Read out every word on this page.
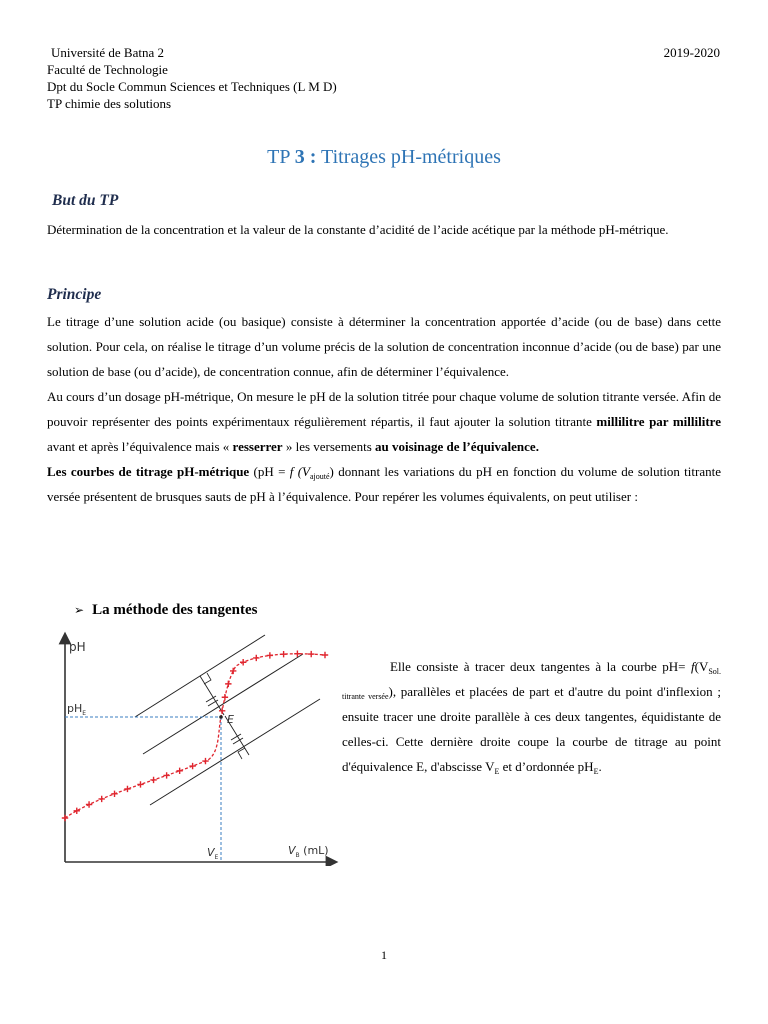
Université de Batna 2
Faculté de Technologie
Dpt du Socle Commun Sciences et Techniques (L M D)
TP chimie des solutions
2019-2020
TP 3 : Titrages pH-métriques
But du TP

Détermination de la concentration et la valeur de la constante d’acidité de l’acide acétique par la méthode pH-métrique.

Principe

Le titrage d’une solution acide (ou basique) consiste à déterminer la concentration apportée d’acide (ou de base) dans cette solution. Pour cela, on réalise le titrage d’un volume précis de la solution de concentration inconnue d’acide (ou de base) par une solution de base (ou d’acide), de concentration connue, afin de déterminer l’équivalence.

Au cours d’un dosage pH-métrique, On mesure le pH de la solution titrée pour chaque volume de solution titrante versée. Afin de pouvoir représenter des points expérimentaux régulièrement répartis, il faut ajouter la solution titrante millilitre par millilitre avant et après l’équivalence mais « resserrer » les versements au voisinage de l’équivalence.

Les courbes de titrage pH-métrique (pH = f $(V_{ajouté})$ donnant les variations du pH en fonction du volume de solution titrante versée présentent de brusques sauts de pH à l’équivalence. Pour repérer les volumes équivalents, on peut utiliser :

➢ La méthode des tangentes
pH
$pH_E$	E
$V_E$
$V_B$ (mL)

Elle consiste à tracer deux tangentes à la courbe $pH= f(V_{Sol. titrante versée})$, parallèles et placées de part et d'autre du point d'inflexion ; ensuite tracer une droite parallèle à ces deux tangentes, équidistante de celles-ci. Cette dernière droite coupe la courbe de titrage au point d'équivalence E, d'abscisse $V_E$ et d’ordonnée $pH_E$.

1
